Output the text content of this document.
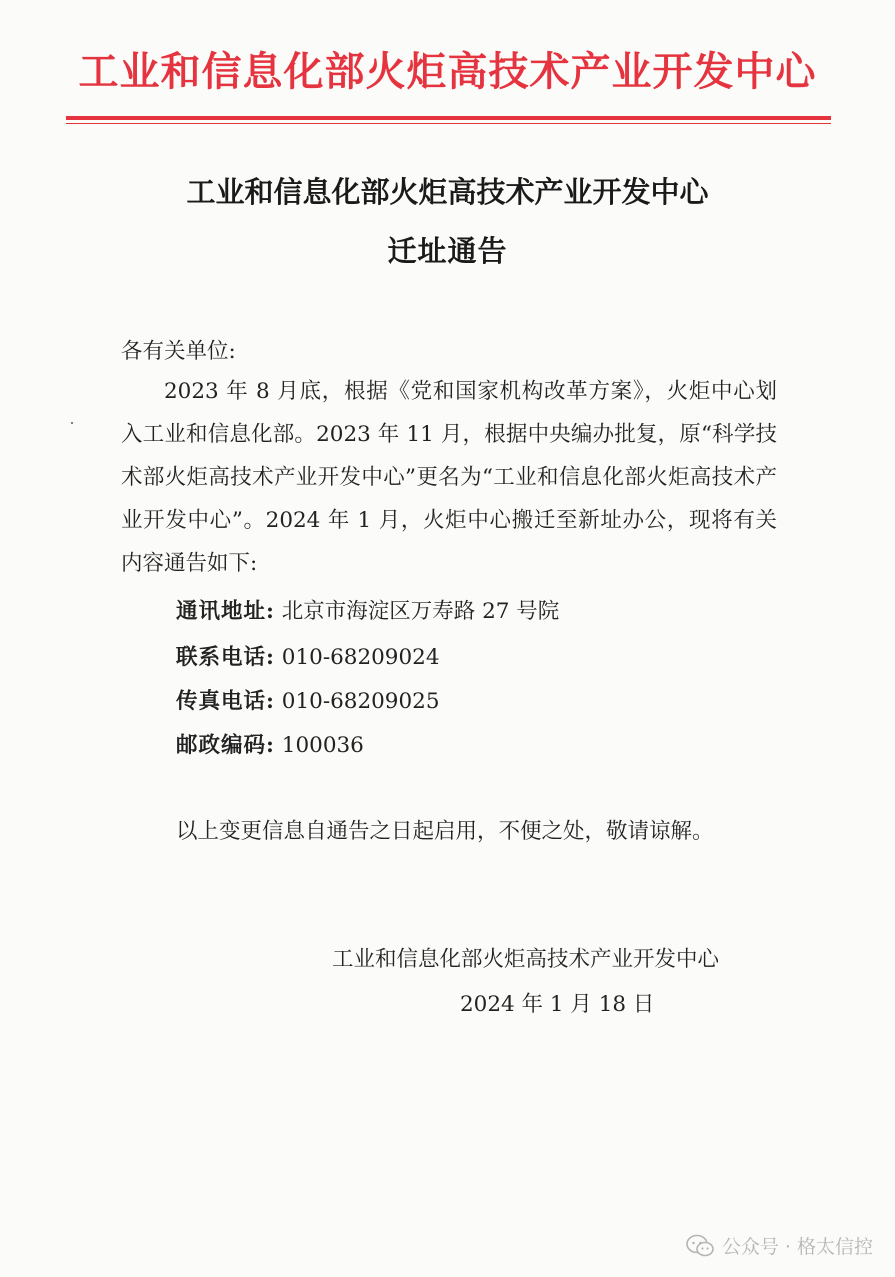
工业和信息化部火炬高技术产业开发中心
工业和信息化部火炬高技术产业开发中心
迁址通告
各有关单位:
2023 年 8 月底，根据《党和国家机构改革方案》，火炬中心划入工业和信息化部。2023 年 11 月，根据中央编办批复，原“科学技术部火炬高技术产业开发中心”更名为“工业和信息化部火炬高技术产业开发中心”。2024 年 1 月，火炬中心搬迁至新址办公，现将有关内容通告如下:
通讯地址: 北京市海淀区万寿路 27 号院
联系电话: 010-68209024
传真电话: 010-68209025
邮政编码: 100036
以上变更信息自通告之日起启用，不便之处，敬请谅解。
工业和信息化部火炬高技术产业开发中心
2024 年 1 月 18 日
公众号 · 格太信控
